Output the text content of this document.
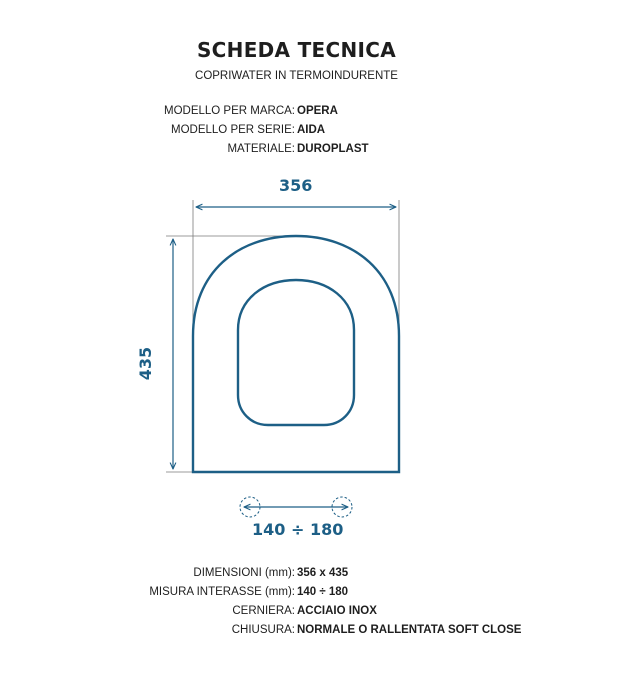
SCHEDA TECNICA
COPRIWATER IN TERMOINDURENTE
MODELLO PER MARCA: OPERA
MODELLO PER SERIE: AIDA
MATERIALE: DUROPLAST
356
435
140 ÷ 180
DIMENSIONI (mm): 356 x 435
MISURA INTERASSE (mm): 140 ÷ 180
CERNIERA: ACCIAIO INOX
CHIUSURA: NORMALE O RALLENTATA SOFT CLOSE
